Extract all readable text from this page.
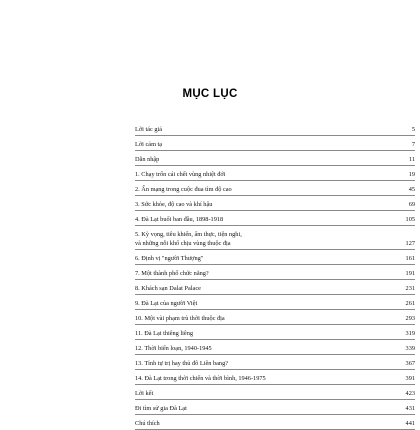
MỤC LỤC
Lời tác giả	5
Lời cảm tạ	7
Dẫn nhập	11
1. Chạy trốn cái chết vùng nhiệt đới	19
2. Ấn mạng trong cuộc đua tìm độ cao	45
3. Sức khỏe, độ cao và khí hậu	69
4. Đà Lạt buổi ban đầu, 1898-1918	105
5. Kỳ vọng, tiêu khiển, ẩm thực, tiện nghi,
và những nỗi khổ chịu vùng thuộc địa	127
6. Định vị "người Thượng"	161
7. Một thành phố chức năng?	191
8. Khách sạn Dalat Palace	231
9. Đà Lạt của người Việt	261
10. Một vài phạm trù thời thuộc địa	293
11. Đà Lạt thiêng liêng	319
12. Thời biến loạn, 1940-1945	339
13. Tỉnh tự trị hay thủ đô Liên bang?	367
14. Đà Lạt trong thời chiến và thời bình, 1946-1975	391
Lời kết	423
Đi tìm sử gia Đà Lạt	431
Chú thích	441
